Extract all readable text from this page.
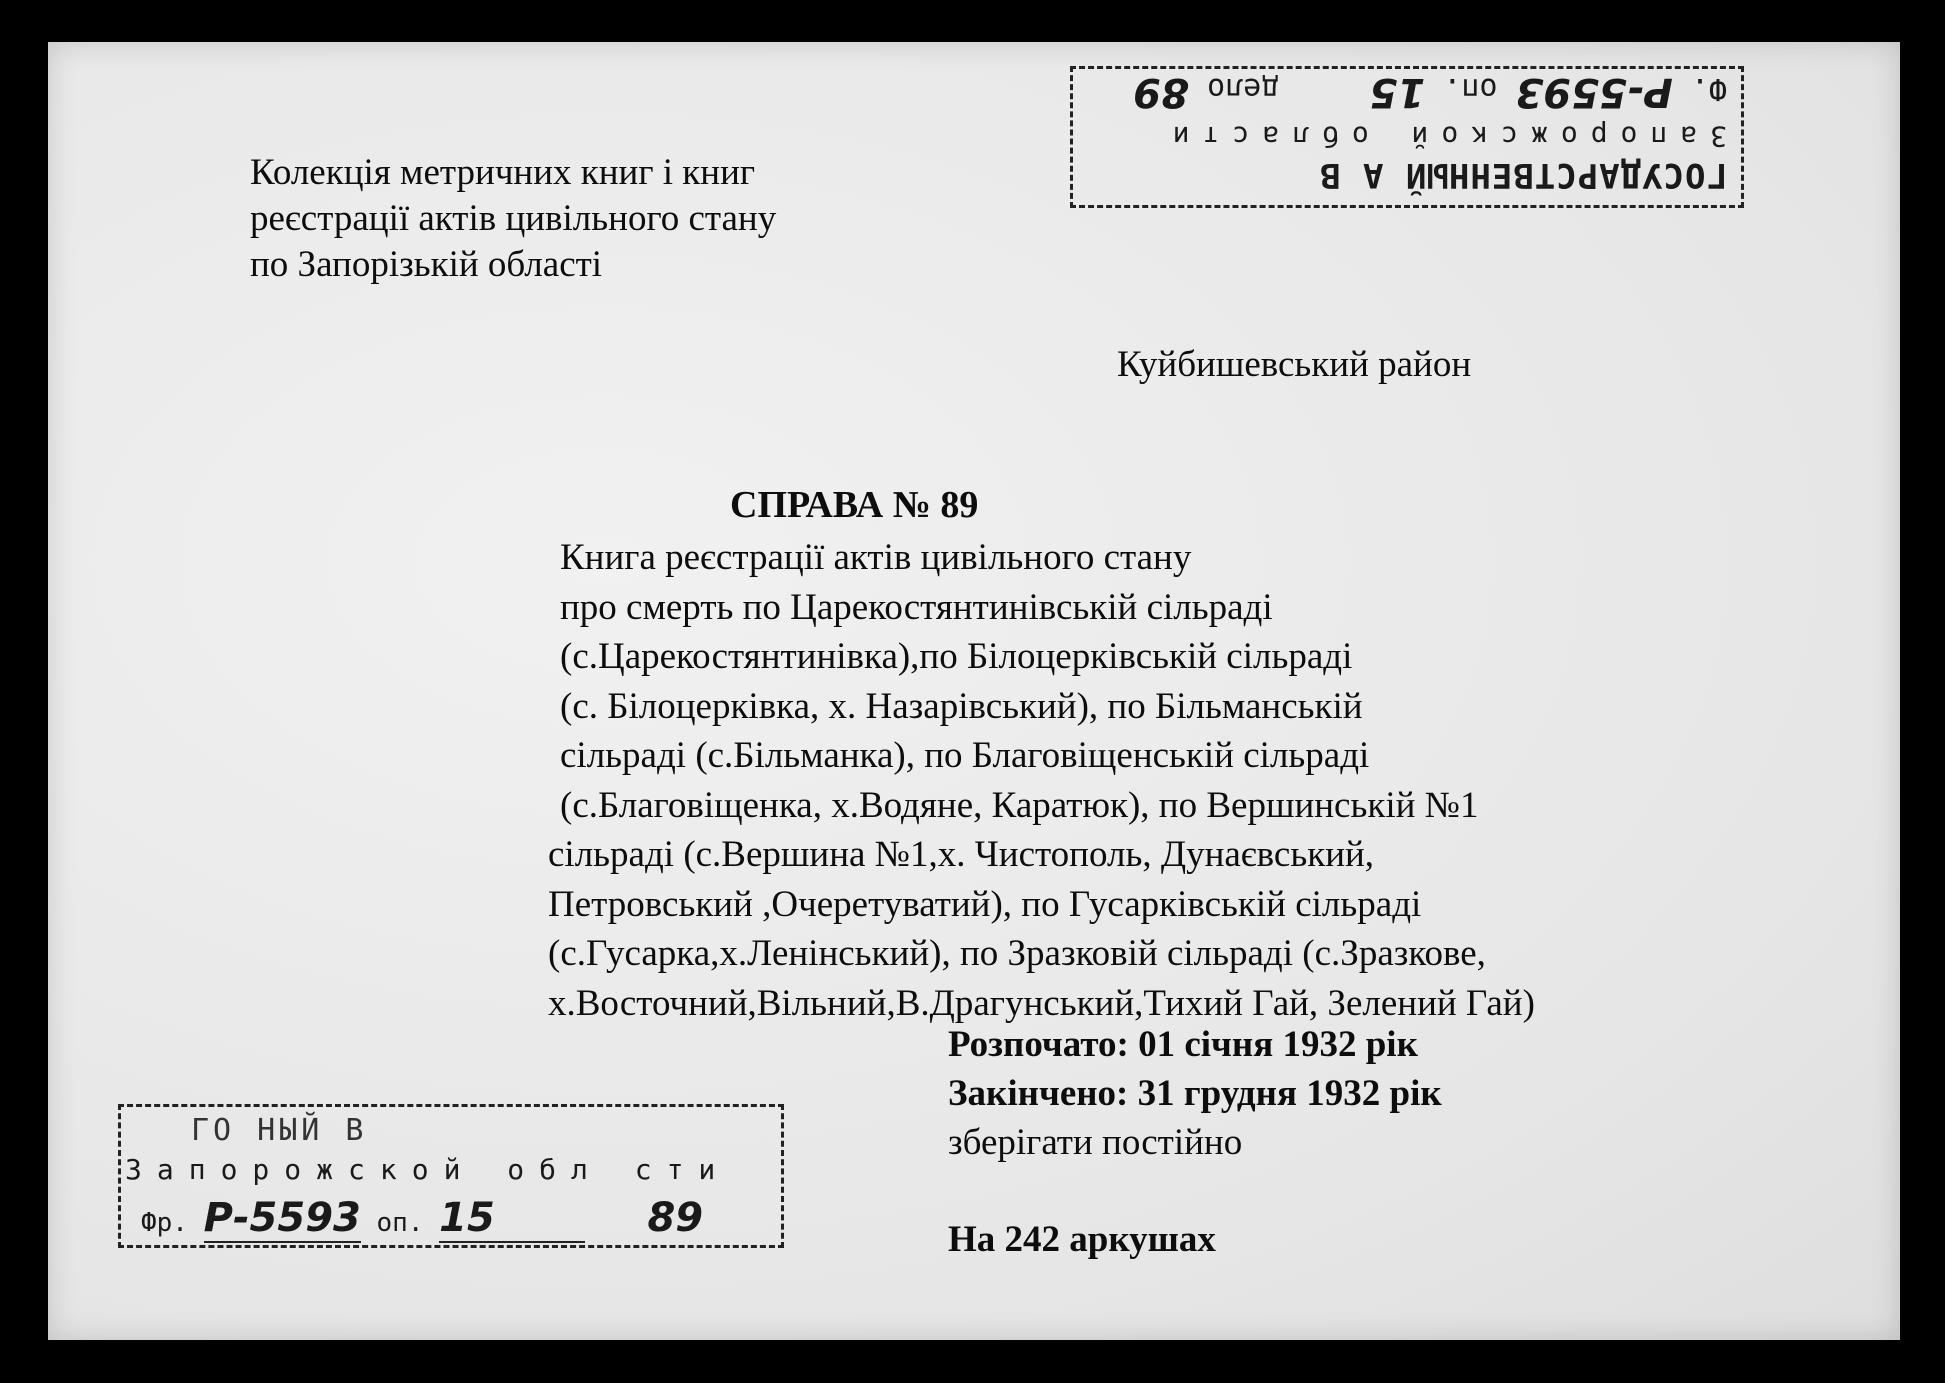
ГОСУДАРСТВЕННЫЙ А В
Запорожской области
Ф. Р-5593 оп. 15     дело 89
Колекція метричних книг і книг
реєстрації актів цивільного стану
по Запорізькій області
Куйбишевський район
СПРАВА № 89
Книга реєстрації актів цивільного стану
про смерть по Царекостянтинівській сільраді
(с.Царекостянтинівка),по Білоцерківській сільраді
(с. Білоцерківка, х. Назарівський), по Більманській
сільраді (с.Більманка), по Благовіщенській сільраді
(с.Благовіщенка, х.Водяне, Каратюк), по Вершинській №1
сільраді (с.Вершина №1,х. Чистополь, Дунаєвський,
Петровський ,Очеретуватий), по Гусарківській сільраді
(с.Гусарка,х.Ленінський), по Зразковій сільраді (с.Зразкове,
х.Восточний,Вільний,В.Драгунський,Тихий Гай, Зелений Гай)
Розпочато: 01 січня 1932 рік
Закінчено: 31 грудня 1932 рік
зберігати постійно
На 242 аркушах
ГО НЫЙ В
Запорожской обл сти
Фр. Р-5593 оп. 15	89
